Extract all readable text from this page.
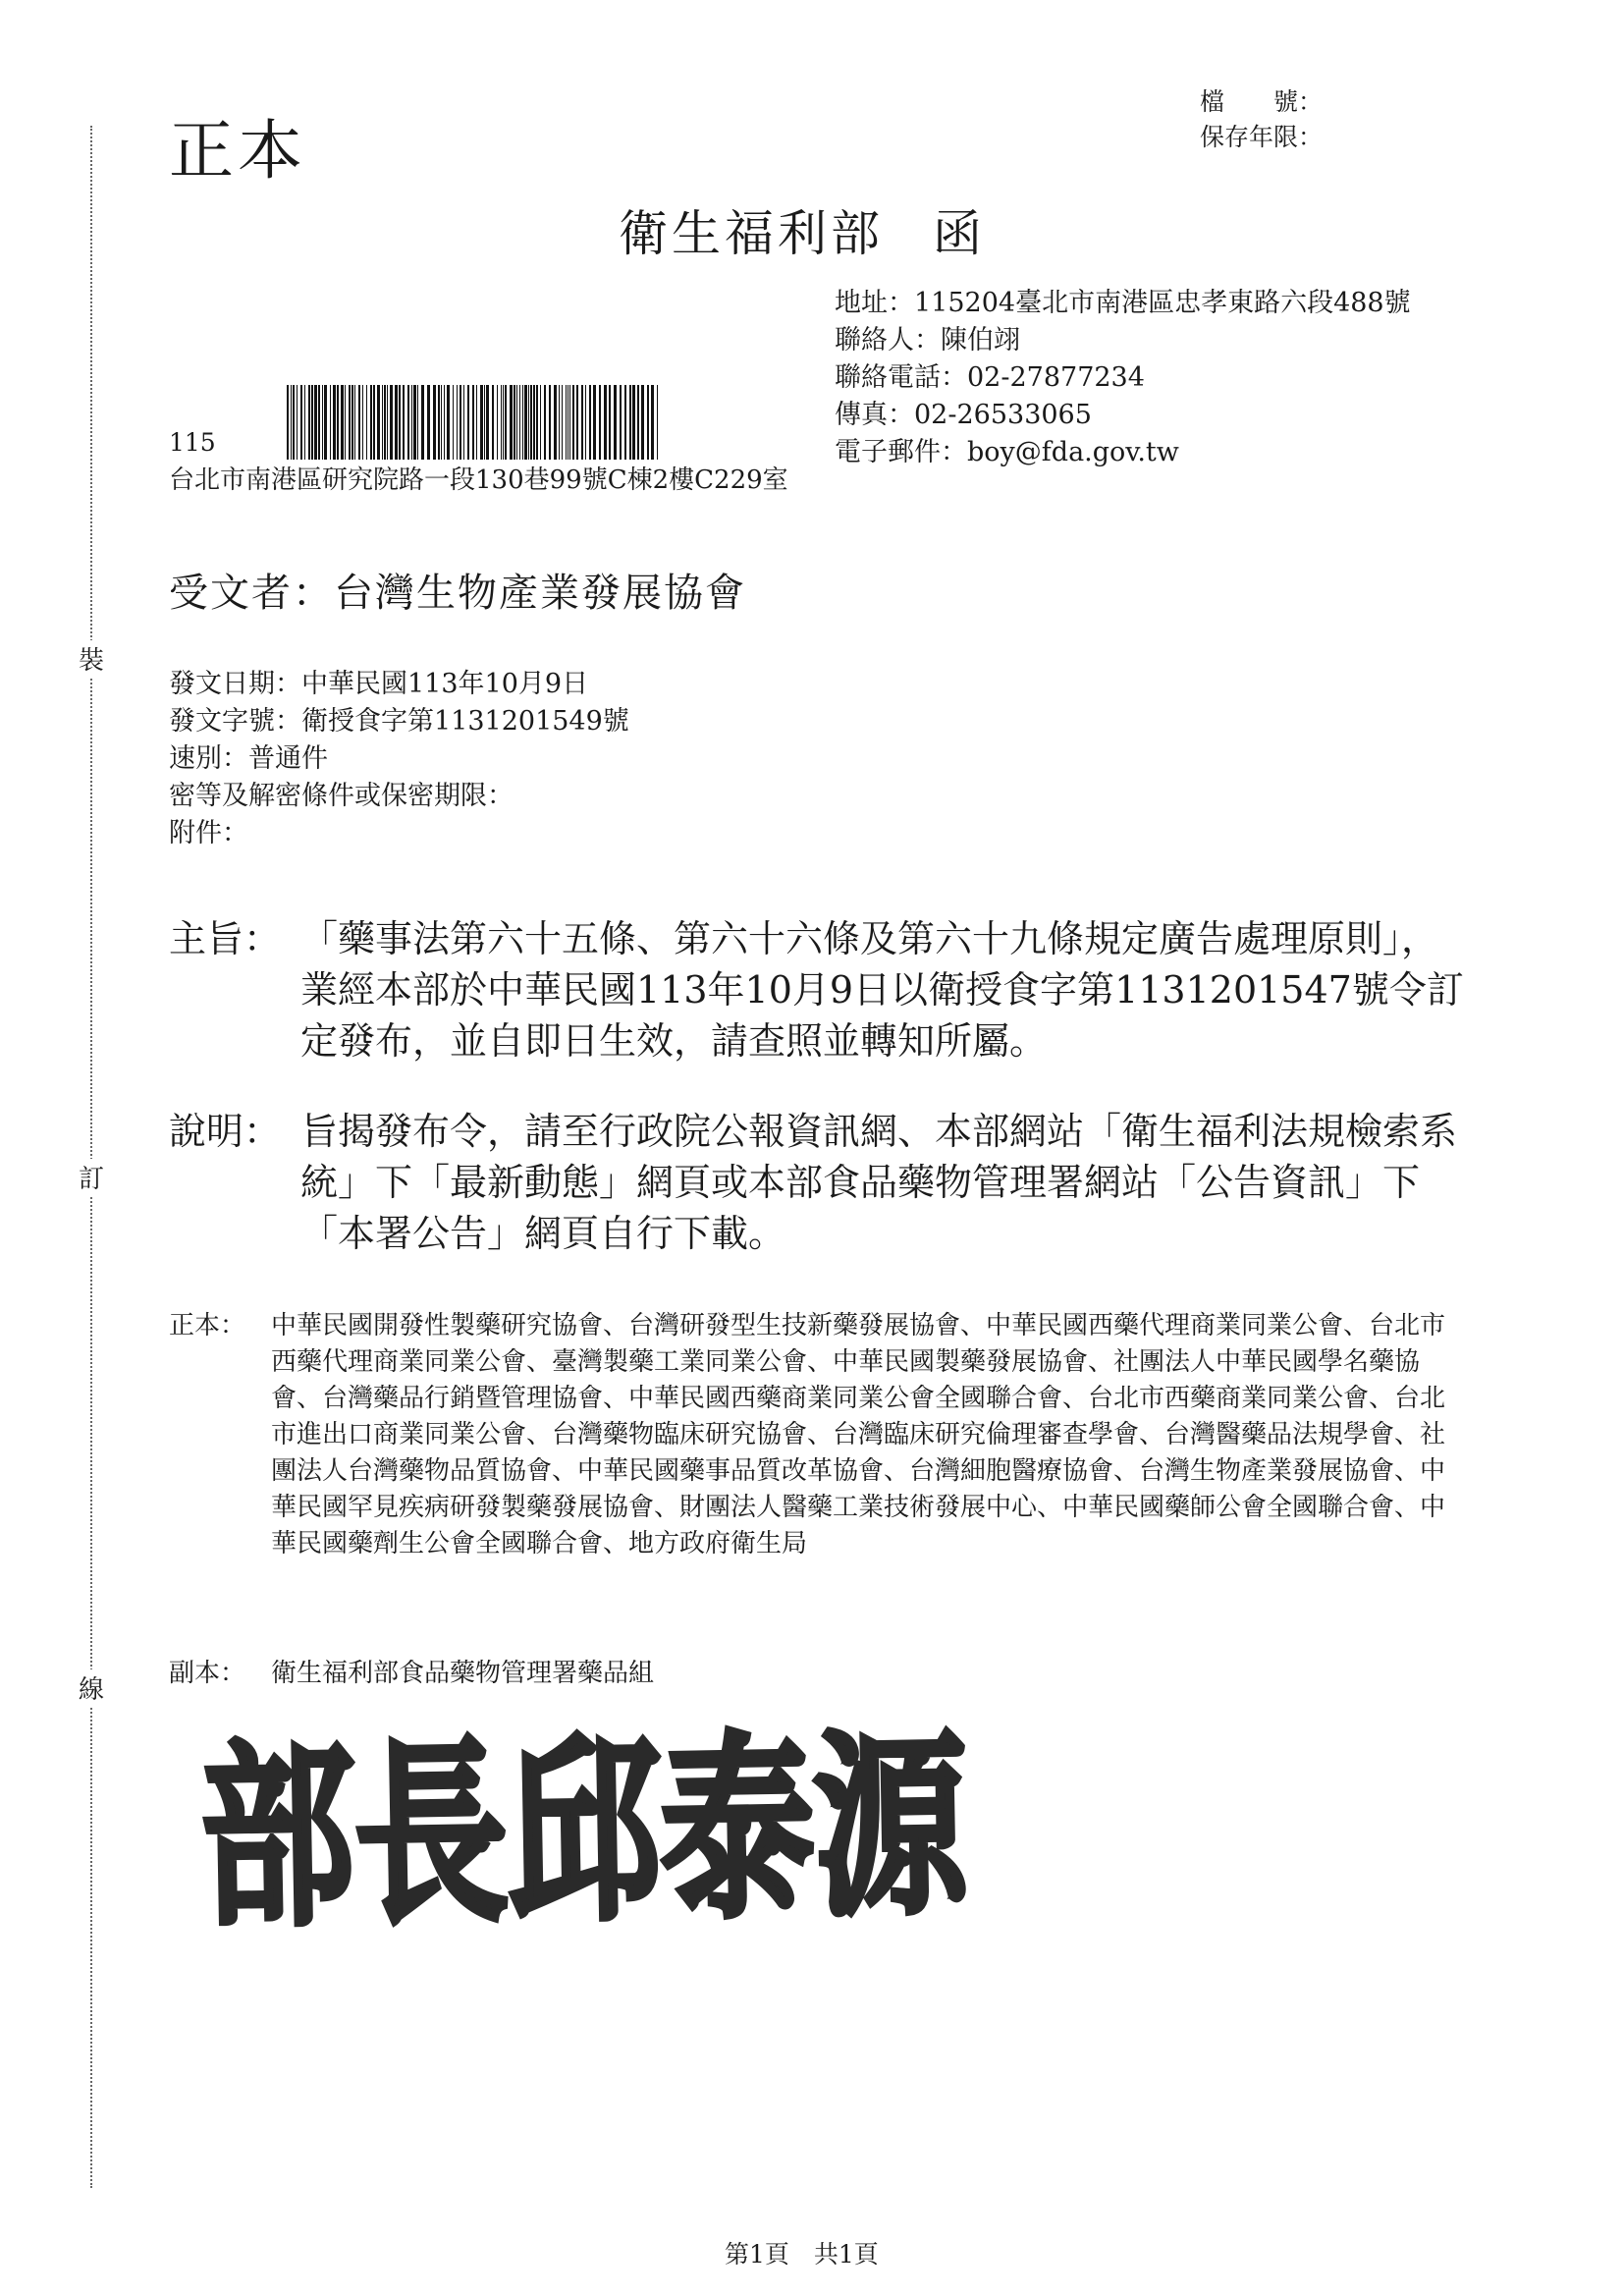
裝
訂
線
正本
檔　　號：
保存年限：
衛生福利部 函
地址：115204臺北市南港區忠孝東路六段488號
聯絡人：陳伯翊
聯絡電話：02-27877234
傳真：02-26533065
電子郵件：boy@fda.gov.tw
115
台北市南港區研究院路一段130巷99號C棟2樓C229室
受文者：台灣生物產業發展協會
發文日期：中華民國113年10月9日
發文字號：衛授食字第1131201549號
速別：普通件
密等及解密條件或保密期限：
附件：
主旨： 「藥事法第六十五條、第六十六條及第六十九條規定廣告處理原則」，業經本部於中華民國113年10月9日以衛授食字第1131201547號令訂定發布，並自即日生效，請查照並轉知所屬。
說明： 旨揭發布令，請至行政院公報資訊網、本部網站「衛生福利法規檢索系統」下「最新動態」網頁或本部食品藥物管理署網站「公告資訊」下「本署公告」網頁自行下載。
正本： 中華民國開發性製藥研究協會、台灣研發型生技新藥發展協會、中華民國西藥代理商業同業公會、台北市西藥代理商業同業公會、臺灣製藥工業同業公會、中華民國製藥發展協會、社團法人中華民國學名藥協會、台灣藥品行銷暨管理協會、中華民國西藥商業同業公會全國聯合會、台北市西藥商業同業公會、台北市進出口商業同業公會、台灣藥物臨床研究協會、台灣臨床研究倫理審查學會、台灣醫藥品法規學會、社團法人台灣藥物品質協會、中華民國藥事品質改革協會、台灣細胞醫療協會、台灣生物產業發展協會、中華民國罕見疾病研發製藥發展協會、財團法人醫藥工業技術發展中心、中華民國藥師公會全國聯合會、中華民國藥劑生公會全國聯合會、地方政府衛生局
副本： 衛生福利部食品藥物管理署藥品組
部長邱泰源
第1頁　共1頁
